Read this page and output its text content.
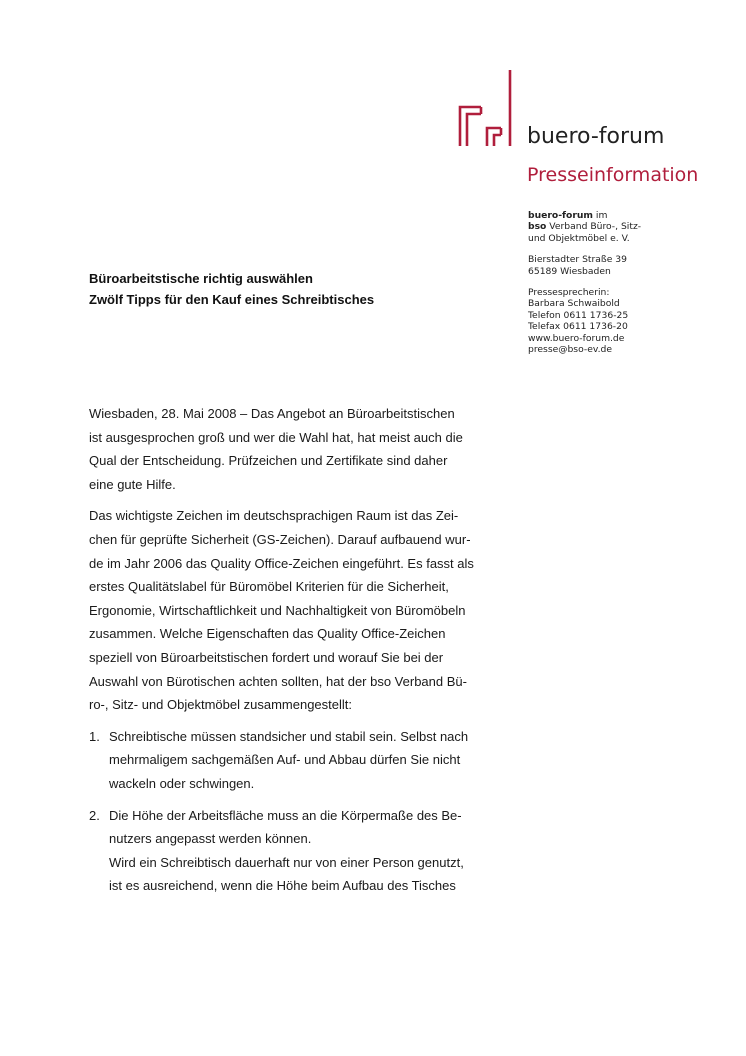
buero-forum
Presseinformation
buero-forum im
bso Verband Büro-, Sitz-
und Objektmöbel e. V.
Bierstadter Straße 39
65189 Wiesbaden
Pressesprecherin:
Barbara Schwaibold
Telefon 0611 1736-25
Telefax 0611 1736-20
www.buero-forum.de
presse@bso-ev.de
Büroarbeitstische richtig auswählen
Zwölf Tipps für den Kauf eines Schreibtisches

Wiesbaden, 28. Mai 2008 – Das Angebot an Büroarbeitstischen
ist ausgesprochen groß und wer die Wahl hat, hat meist auch die
Qual der Entscheidung. Prüfzeichen und Zertifikate sind daher
eine gute Hilfe.

Das wichtigste Zeichen im deutschsprachigen Raum ist das Zei-
chen für geprüfte Sicherheit (GS-Zeichen). Darauf aufbauend wur-
de im Jahr 2006 das Quality Office-Zeichen eingeführt. Es fasst als
erstes Qualitätslabel für Büromöbel Kriterien für die Sicherheit,
Ergonomie, Wirtschaftlichkeit und Nachhaltigkeit von Büromöbeln
zusammen. Welche Eigenschaften das Quality Office-Zeichen
speziell von Büroarbeitstischen fordert und worauf Sie bei der
Auswahl von Bürotischen achten sollten, hat der bso Verband Bü-
ro-, Sitz- und Objektmöbel zusammengestellt:

1. Schreibtische müssen standsicher und stabil sein. Selbst nach
mehrmaligem sachgemäßen Auf- und Abbau dürfen Sie nicht
wackeln oder schwingen.
2. Die Höhe der Arbeitsfläche muss an die Körpermaße des Be-
nutzers angepasst werden können.
Wird ein Schreibtisch dauerhaft nur von einer Person genutzt,
ist es ausreichend, wenn die Höhe beim Aufbau des Tisches
